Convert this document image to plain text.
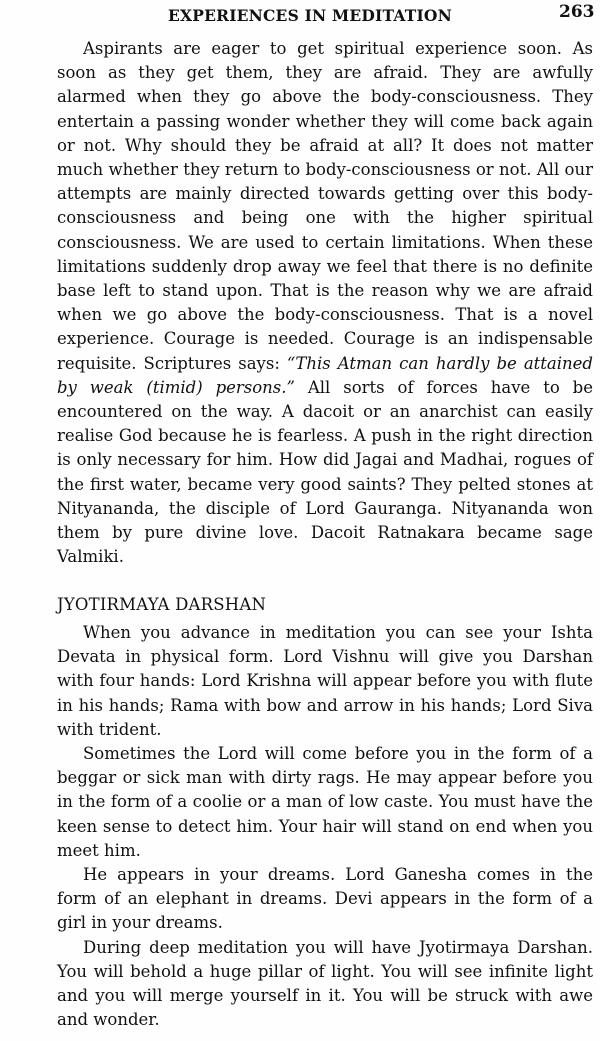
EXPERIENCES IN MEDITATION	263

Aspirants are eager to get spiritual experience soon. As soon as they get them, they are afraid. They are awfully alarmed when they go above the body-consciousness. They entertain a passing wonder whether they will come back again or not. Why should they be afraid at all? It does not matter much whether they return to body-consciousness or not. All our attempts are mainly directed towards getting over this body-consciousness and being one with the higher spiritual consciousness. We are used to certain limitations. When these limitations suddenly drop away we feel that there is no definite base left to stand upon. That is the reason why we are afraid when we go above the body-consciousness. That is a novel experience. Courage is needed. Courage is an indispensable requisite. Scriptures says: “This Atman can hardly be attained by weak (timid) persons.” All sorts of forces have to be encountered on the way. A dacoit or an anarchist can easily realise God because he is fearless. A push in the right direction is only necessary for him. How did Jagai and Madhai, rogues of the first water, became very good saints? They pelted stones at Nityananda, the disciple of Lord Gauranga. Nityananda won them by pure divine love. Dacoit Ratnakara became sage Valmiki.

JYOTIRMAYA DARSHAN

When you advance in meditation you can see your Ishta Devata in physical form. Lord Vishnu will give you Darshan with four hands: Lord Krishna will appear before you with flute in his hands; Rama with bow and arrow in his hands; Lord Siva with trident.

Sometimes the Lord will come before you in the form of a beggar or sick man with dirty rags. He may appear before you in the form of a coolie or a man of low caste. You must have the keen sense to detect him. Your hair will stand on end when you meet him.

He appears in your dreams. Lord Ganesha comes in the form of an elephant in dreams. Devi appears in the form of a girl in your dreams.

During deep meditation you will have Jyotirmaya Darshan. You will behold a huge pillar of light. You will see infinite light and you will merge yourself in it. You will be struck with awe and wonder.
